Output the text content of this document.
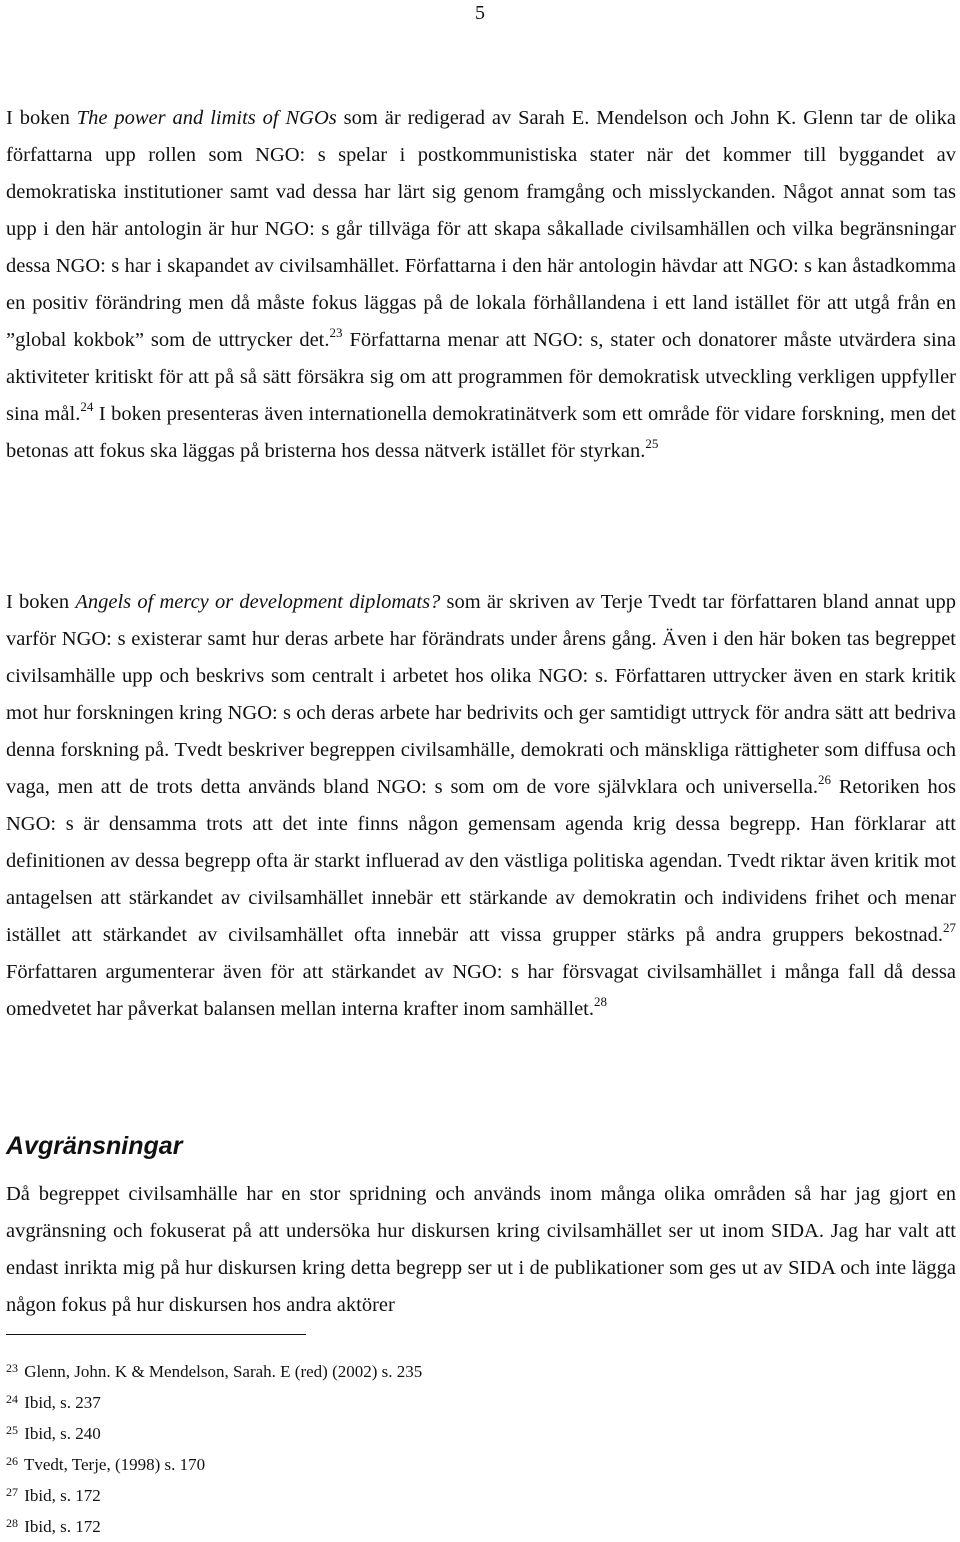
5

I boken The power and limits of NGOs som är redigerad av Sarah E. Mendelson och John K. Glenn tar de olika författarna upp rollen som NGO: s spelar i postkommunistiska stater när det kommer till byggandet av demokratiska institutioner samt vad dessa har lärt sig genom framgång och misslyckanden. Något annat som tas upp i den här antologin är hur NGO: s går tillväga för att skapa såkallade civilsamhällen och vilka begränsningar dessa NGO: s har i skapandet av civilsamhället. Författarna i den här antologin hävdar att NGO: s kan åstadkomma en positiv förändring men då måste fokus läggas på de lokala förhållandena i ett land istället för att utgå från en ”global kokbok” som de uttrycker det.$^{23}$ Författarna menar att NGO: s, stater och donatorer måste utvärdera sina aktiviteter kritiskt för att på så sätt försäkra sig om att programmen för demokratisk utveckling verkligen uppfyller sina mål.$^{24}$ I boken presenteras även internationella demokratinätverk som ett område för vidare forskning, men det betonas att fokus ska läggas på bristerna hos dessa nätverk istället för styrkan.$^{25}$

I boken Angels of mercy or development diplomats? som är skriven av Terje Tvedt tar författaren bland annat upp varför NGO: s existerar samt hur deras arbete har förändrats under årens gång. Även i den här boken tas begreppet civilsamhälle upp och beskrivs som centralt i arbetet hos olika NGO: s. Författaren uttrycker även en stark kritik mot hur forskningen kring NGO: s och deras arbete har bedrivits och ger samtidigt uttryck för andra sätt att bedriva denna forskning på. Tvedt beskriver begreppen civilsamhälle, demokrati och mänskliga rättigheter som diffusa och vaga, men att de trots detta används bland NGO: s som om de vore självklara och universella.$^{26}$ Retoriken hos NGO: s är densamma trots att det inte finns någon gemensam agenda krig dessa begrepp. Han förklarar att definitionen av dessa begrepp ofta är starkt influerad av den västliga politiska agendan. Tvedt riktar även kritik mot antagelsen att stärkandet av civilsamhället innebär ett stärkande av demokratin och individens frihet och menar istället att stärkandet av civilsamhället ofta innebär att vissa grupper stärks på andra gruppers bekostnad.$^{27}$ Författaren argumenterar även för att stärkandet av NGO: s har försvagat civilsamhället i många fall då dessa omedvetet har påverkat balansen mellan interna krafter inom samhället.$^{28}$

Avgränsningar

Då begreppet civilsamhälle har en stor spridning och används inom många olika områden så har jag gjort en avgränsning och fokuserat på att undersöka hur diskursen kring civilsamhället ser ut inom SIDA. Jag har valt att endast inrikta mig på hur diskursen kring detta begrepp ser ut i de publikationer som ges ut av SIDA och inte lägga någon fokus på hur diskursen hos andra aktörer

$^{23}$ Glenn, John. K & Mendelson, Sarah. E (red) (2002) s. 235
$^{24}$ Ibid, s. 237
$^{25}$ Ibid, s. 240
$^{26}$ Tvedt, Terje, (1998) s. 170
$^{27}$ Ibid, s. 172
$^{28}$ Ibid, s. 172
